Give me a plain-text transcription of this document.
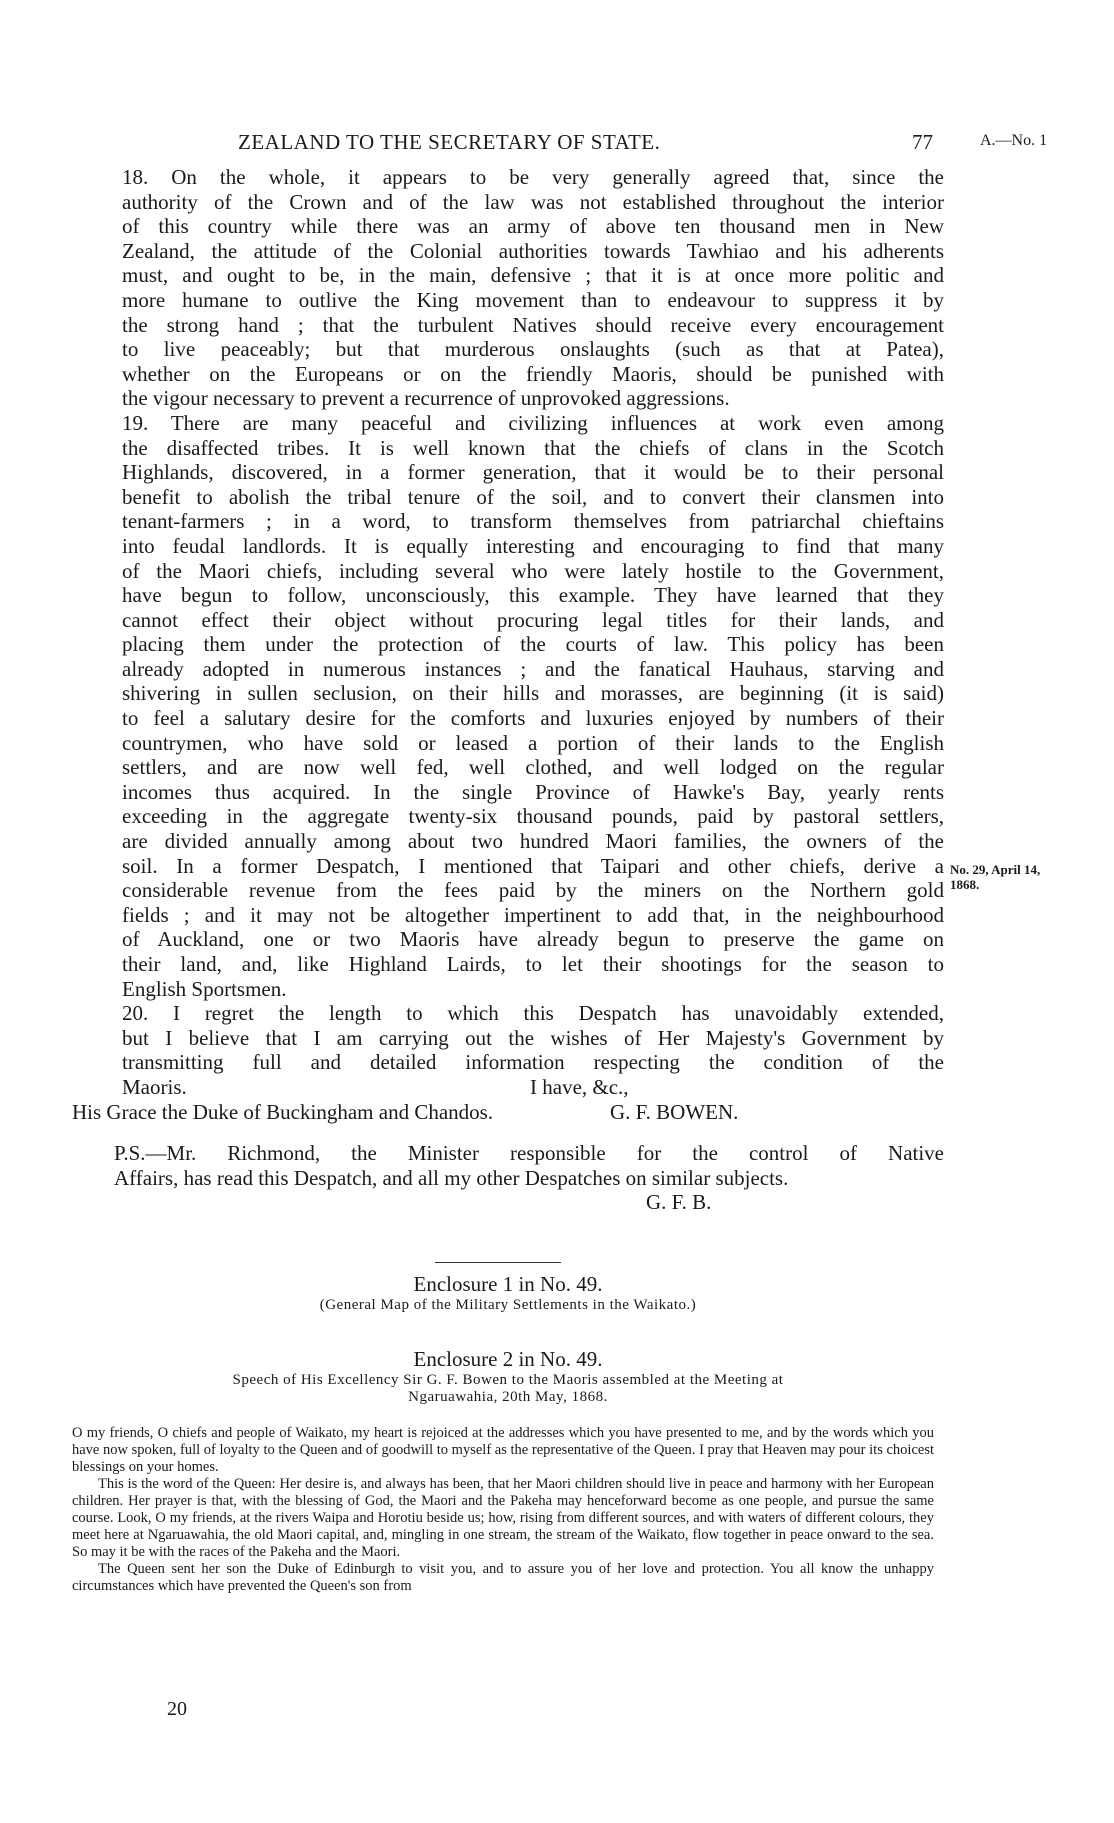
ZEALAND TO THE SECRETARY OF STATE.	77	A.—No. 1
18. On the whole, it appears to be very generally agreed that, since the
authority of the Crown and of the law was not established throughout the interior
of this country while there was an army of above ten thousand men in New
Zealand, the attitude of the Colonial authorities towards Tawhiao and his adherents
must, and ought to be, in the main, defensive ; that it is at once more politic and
more humane to outlive the King movement than to endeavour to suppress it by
the strong hand ; that the turbulent Natives should receive every encouragement
to live peaceably; but that murderous onslaughts (such as that at Patea),
whether on the Europeans or on the friendly Maoris, should be punished with
the vigour necessary to prevent a recurrence of unprovoked aggressions.
19. There are many peaceful and civilizing influences at work even among
the disaffected tribes. It is well known that the chiefs of clans in the Scotch
Highlands, discovered, in a former generation, that it would be to their personal
benefit to abolish the tribal tenure of the soil, and to convert their clansmen into
tenant-farmers ; in a word, to transform themselves from patriarchal chieftains
into feudal landlords. It is equally interesting and encouraging to find that many
of the Maori chiefs, including several who were lately hostile to the Government,
have begun to follow, unconsciously, this example. They have learned that they
cannot effect their object without procuring legal titles for their lands, and
placing them under the protection of the courts of law. This policy has been
already adopted in numerous instances ; and the fanatical Hauhaus, starving and
shivering in sullen seclusion, on their hills and morasses, are beginning (it is said)
to feel a salutary desire for the comforts and luxuries enjoyed by numbers of their
countrymen, who have sold or leased a portion of their lands to the English
settlers, and are now well fed, well clothed, and well lodged on the regular
incomes thus acquired. In the single Province of Hawke's Bay, yearly rents
exceeding in the aggregate twenty-six thousand pounds, paid by pastoral settlers,
are divided annually among about two hundred Maori families, the owners of the
soil. In a former Despatch, I mentioned that Taipari and other chiefs, derive a
considerable revenue from the fees paid by the miners on the Northern gold
fields ; and it may not be altogether impertinent to add that, in the neighbourhood
of Auckland, one or two Maoris have already begun to preserve the game on
their land, and, like Highland Lairds, to let their shootings for the season to
English Sportsmen.
20. I regret the length to which this Despatch has unavoidably extended,
but I believe that I am carrying out the wishes of Her Majesty's Government by
transmitting full and detailed information respecting the condition of the
Maoris.	I have, &c.,
His Grace the Duke of Buckingham and Chandos.	G. F. BOWEN.
P.S.—Mr. Richmond, the Minister responsible for the control of Native
Affairs, has read this Despatch, and all my other Despatches on similar subjects.
G. F. B.
No. 29, April 14,
1868.
Enclosure 1 in No. 49.
(General Map of the Military Settlements in the Waikato.)
Enclosure 2 in No. 49.
Speech of His Excellency Sir G. F. Bowen to the Maoris assembled at the Meeting at
Ngaruawahia, 20th May, 1868.

O my friends, O chiefs and people of Waikato, my heart is rejoiced at the addresses which you have presented to me, and by the words which you have now spoken, full of loyalty to the Queen and of goodwill to myself as the representative of the Queen. I pray that Heaven may pour its choicest blessings on your homes.

This is the word of the Queen: Her desire is, and always has been, that her Maori children should live in peace and harmony with her European children. Her prayer is that, with the blessing of God, the Maori and the Pakeha may henceforward become as one people, and pursue the same course. Look, O my friends, at the rivers Waipa and Horotiu beside us; how, rising from different sources, and with waters of different colours, they meet here at Ngaruawahia, the old Maori capital, and, mingling in one stream, the stream of the Waikato, flow together in peace onward to the sea. So may it be with the races of the Pakeha and the Maori.

The Queen sent her son the Duke of Edinburgh to visit you, and to assure you of her love and protection. You all know the unhappy circumstances which have prevented the Queen's son from

20
